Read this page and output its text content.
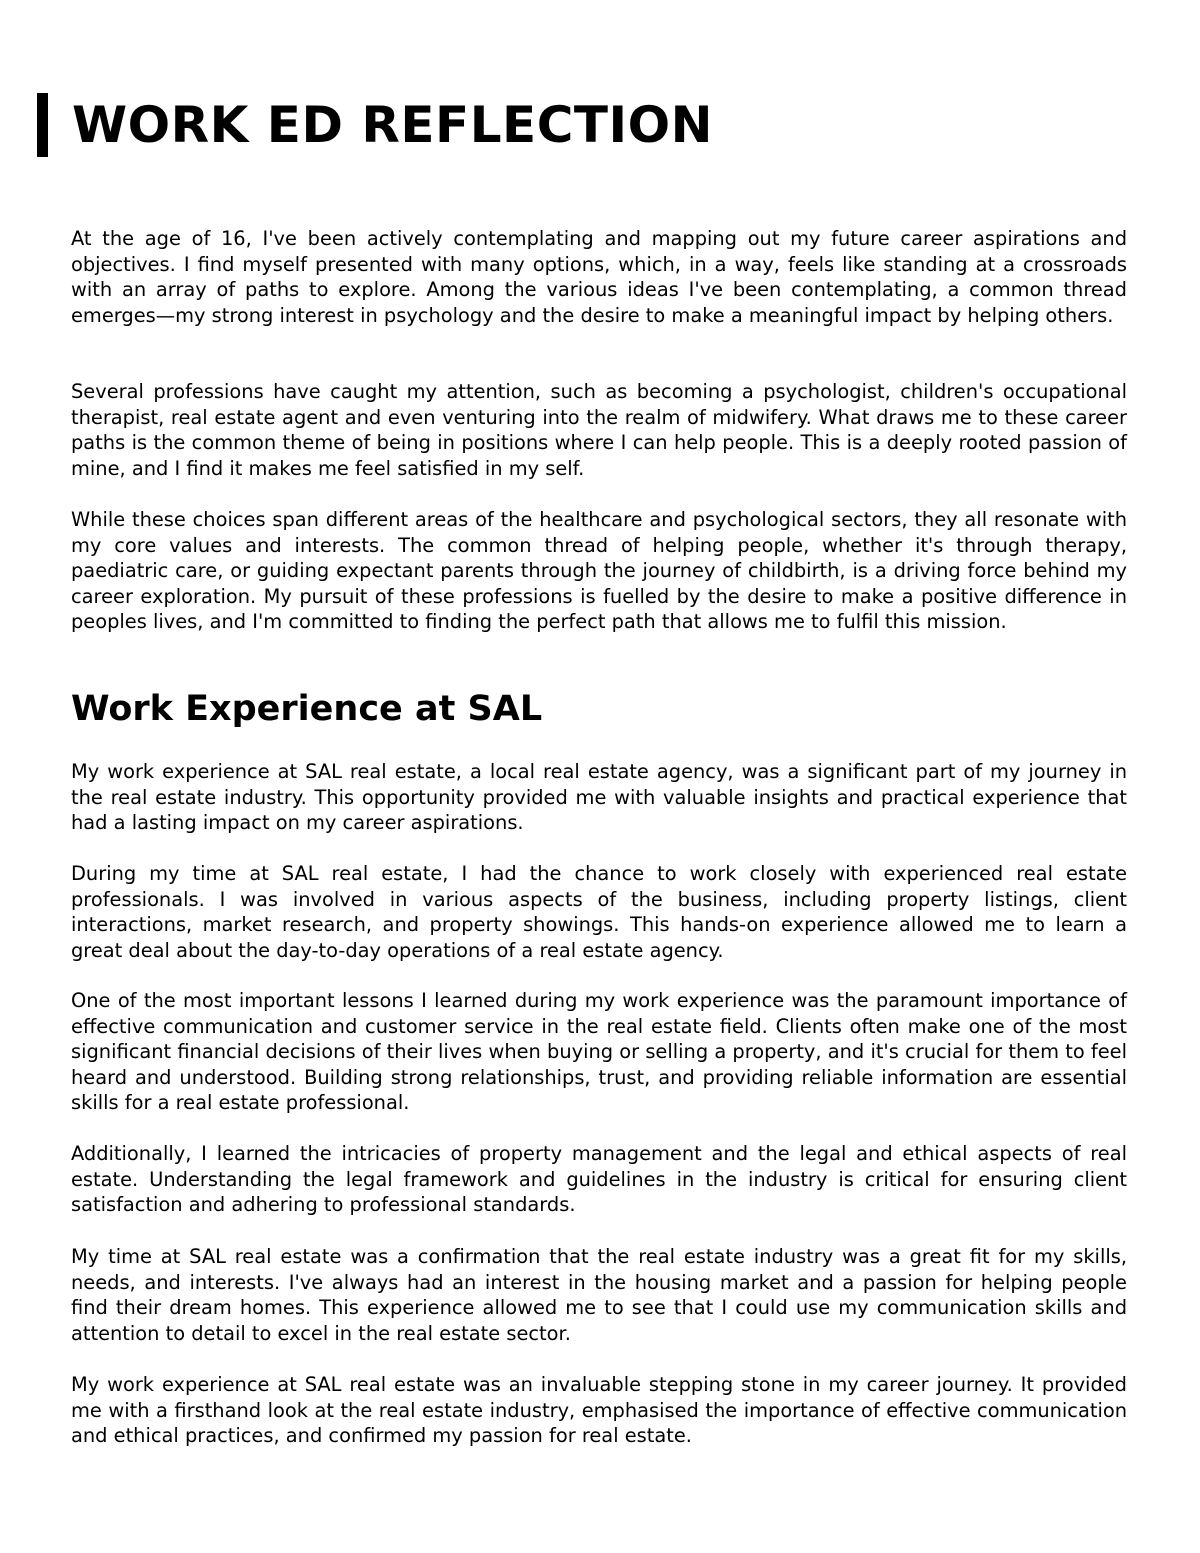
WORK ED REFLECTION

At the age of 16, I've been actively contemplating and mapping out my future career aspirations and objectives. I find myself presented with many options, which, in a way, feels like standing at a crossroads with an array of paths to explore. Among the various ideas I've been contemplating, a common thread emerges—my strong interest in psychology and the desire to make a meaningful impact by helping others.

Several professions have caught my attention, such as becoming a psychologist, children's occupational therapist, real estate agent and even venturing into the realm of midwifery. What draws me to these career paths is the common theme of being in positions where I can help people. This is a deeply rooted passion of mine, and I find it makes me feel satisfied in my self.

While these choices span different areas of the healthcare and psychological sectors, they all resonate with my core values and interests. The common thread of helping people, whether it's through therapy, paediatric care, or guiding expectant parents through the journey of childbirth, is a driving force behind my career exploration. My pursuit of these professions is fuelled by the desire to make a positive difference in peoples lives, and I'm committed to finding the perfect path that allows me to fulfil this mission.

Work Experience at SAL

My work experience at SAL real estate, a local real estate agency, was a significant part of my journey in the real estate industry. This opportunity provided me with valuable insights and practical experience that had a lasting impact on my career aspirations.

During my time at SAL real estate, I had the chance to work closely with experienced real estate professionals. I was involved in various aspects of the business, including property listings, client interactions, market research, and property showings. This hands-on experience allowed me to learn a great deal about the day-to-day operations of a real estate agency.

One of the most important lessons I learned during my work experience was the paramount importance of effective communication and customer service in the real estate field. Clients often make one of the most significant financial decisions of their lives when buying or selling a property, and it's crucial for them to feel heard and understood. Building strong relationships, trust, and providing reliable information are essential skills for a real estate professional.

Additionally, I learned the intricacies of property management and the legal and ethical aspects of real estate. Understanding the legal framework and guidelines in the industry is critical for ensuring client satisfaction and adhering to professional standards.

My time at SAL real estate was a confirmation that the real estate industry was a great fit for my skills, needs, and interests. I've always had an interest in the housing market and a passion for helping people find their dream homes. This experience allowed me to see that I could use my communication skills and attention to detail to excel in the real estate sector.

My work experience at SAL real estate was an invaluable stepping stone in my career journey. It provided me with a firsthand look at the real estate industry, emphasised the importance of effective communication and ethical practices, and confirmed my passion for real estate.
